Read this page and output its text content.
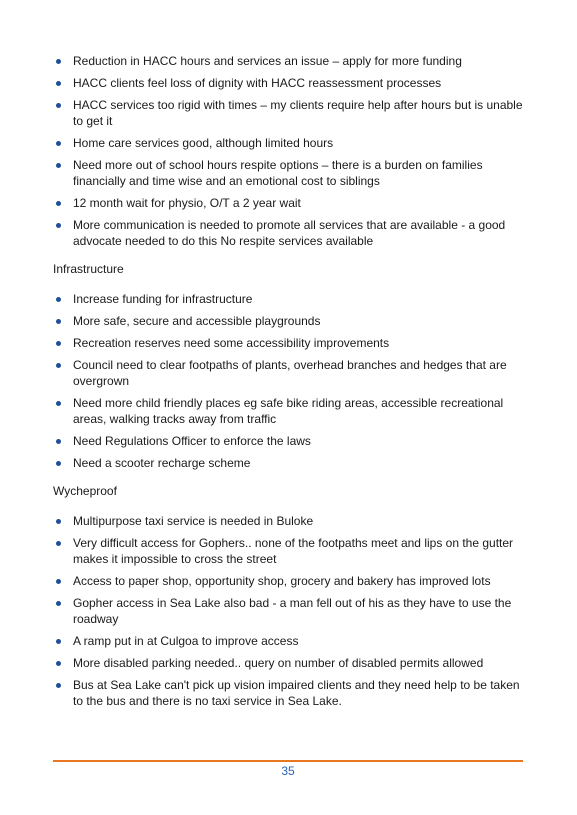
Reduction in HACC hours and services an issue – apply for more funding
HACC clients feel loss of dignity with HACC reassessment processes
HACC services too rigid with times – my clients require help after hours but is unable to get it
Home care services good, although limited hours
Need more out of school hours respite options – there is a burden on families financially and time wise and an emotional cost to siblings
12 month wait for physio, O/T a 2 year wait
More communication is needed to promote all services that are available - a good advocate needed to do this No respite services available
Infrastructure
Increase funding for infrastructure
More safe, secure and accessible playgrounds
Recreation reserves need some accessibility improvements
Council need to clear footpaths of plants, overhead branches and hedges that are overgrown
Need more child friendly places eg safe bike riding areas, accessible recreational areas, walking tracks away from traffic
Need Regulations Officer to enforce the laws
Need a scooter recharge scheme
Wycheproof
Multipurpose taxi service is needed in Buloke
Very difficult access for Gophers.. none of the footpaths meet and lips on the gutter makes it impossible to cross the street
Access to paper shop, opportunity shop, grocery and bakery has improved lots
Gopher access in Sea Lake also bad - a man fell out of his as they have to use the roadway
A ramp put in at Culgoa to improve access
More disabled parking needed.. query on number of disabled permits allowed
Bus at Sea Lake can't pick up vision impaired clients and they need help to be taken to the bus and there is no taxi service in Sea Lake.
35
